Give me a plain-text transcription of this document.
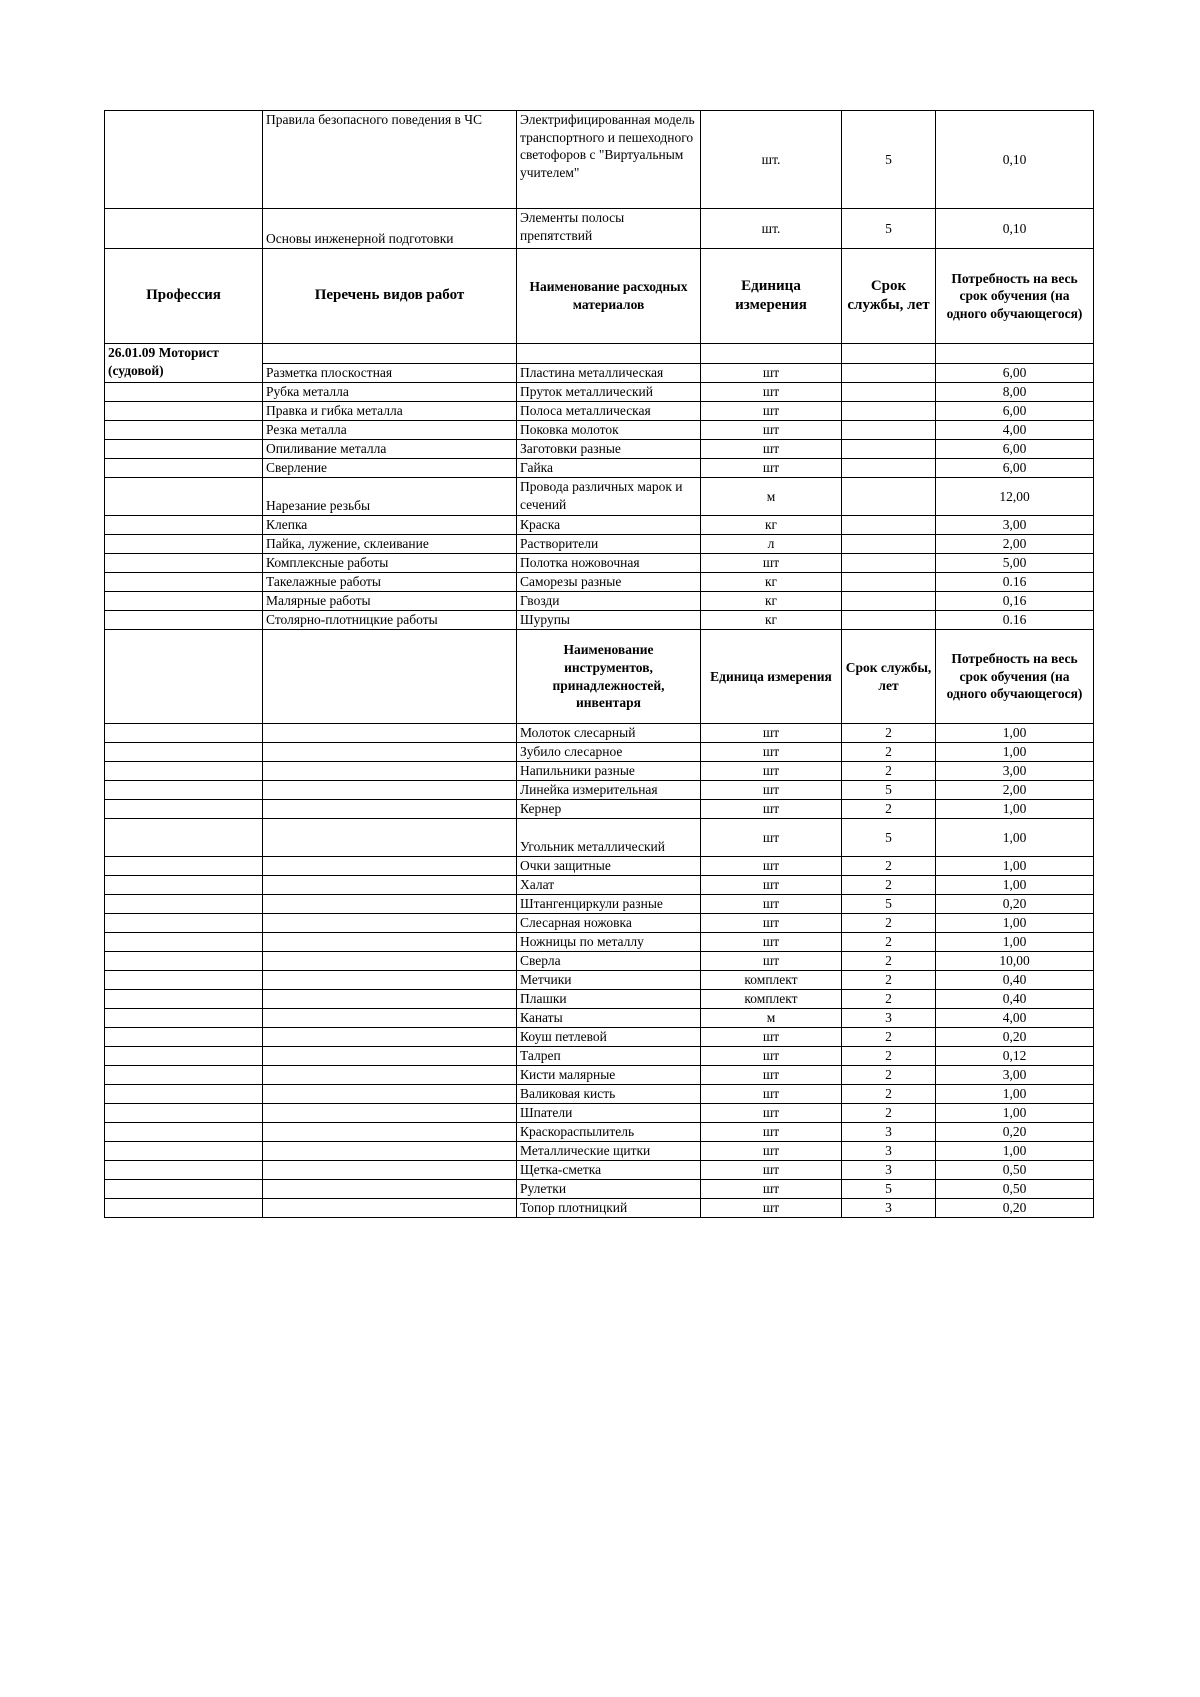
	Правила безопасного поведения в ЧС	Электрифицированная модель транспортного и пешеходного светофоров с "Виртуальным учителем"	шт.	5	0,10
	Основы инженерной подготовки	Элементы полосы препятствий	шт.	5	0,10
Профессия	Перечень видов работ	Наименование расходных материалов	Единица измерения	Срок службы, лет	Потребность на весь срок обучения (на одного обучающегося)
26.01.09 Моторист (судовой)					
	Разметка плоскостная	Пластина металлическая	шт		6,00
	Рубка металла	Пруток металлический	шт		8,00
	Правка и гибка металла	Полоса металлическая	шт		6,00
	Резка металла	Поковка молоток	шт		4,00
	Опиливание металла	Заготовки разные	шт		6,00
	Сверление	Гайка	шт		6,00
	Нарезание резьбы	Провода различных марок и сечений	м		12,00
	Клепка	Краска	кг		3,00
	Пайка, лужение, склеивание	Растворители	л		2,00
	Комплексные работы	Полотка ножовочная	шт		5,00
	Такелажные работы	Саморезы разные	кг		0.16
	Малярные работы	Гвозди	кг		0,16
	Столярно-плотницкие работы	Шурупы	кг		0.16
		Наименование инструментов, принадлежностей, инвентаря	Единица измерения	Срок службы, лет	Потребность на весь срок обучения (на одного обучающегося)
		Молоток слесарный	шт	2	1,00
		Зубило слесарное	шт	2	1,00
		Напильники разные	шт	2	3,00
		Линейка измерительная	шт	5	2,00
		Кернер	шт	2	1,00
		Угольник металлический	шт	5	1,00
		Очки защитные	шт	2	1,00
		Халат	шт	2	1,00
		Штангенциркули разные	шт	5	0,20
		Слесарная ножовка	шт	2	1,00
		Ножницы по металлу	шт	2	1,00
		Сверла	шт	2	10,00
		Метчики	комплект	2	0,40
		Плашки	комплект	2	0,40
		Канаты	м	3	4,00
		Коуш петлевой	шт	2	0,20
		Талреп	шт	2	0,12
		Кисти малярные	шт	2	3,00
		Валиковая кисть	шт	2	1,00
		Шпатели	шт	2	1,00
		Краскораспылитель	шт	3	0,20
		Металлические щитки	шт	3	1,00
		Щетка-сметка	шт	3	0,50
		Рулетки	шт	5	0,50
		Топор плотницкий	шт	3	0,20
